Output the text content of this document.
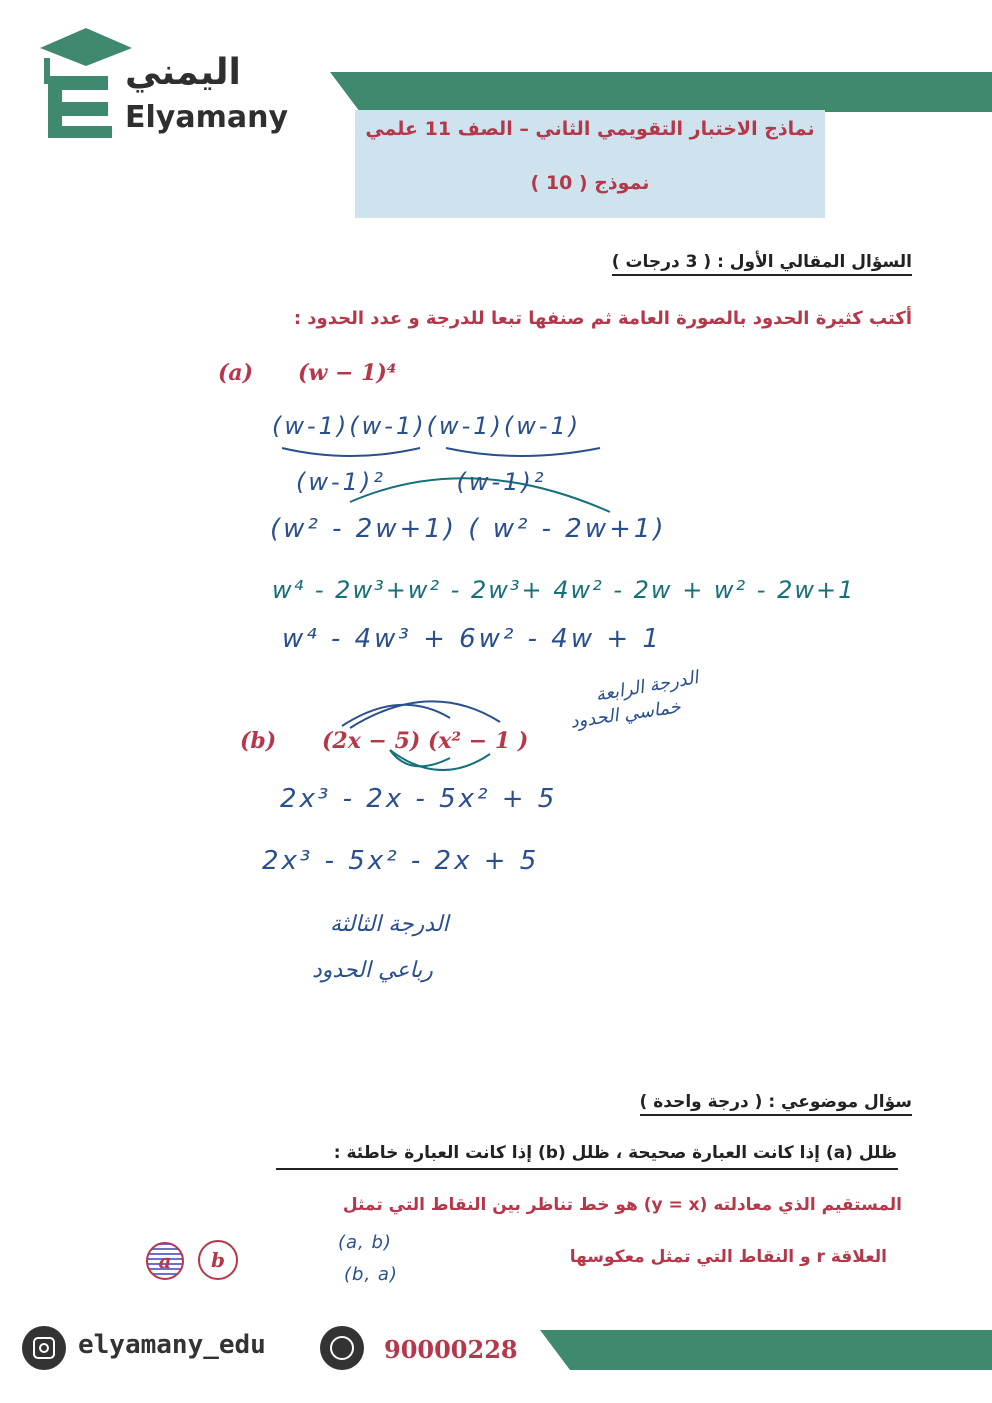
اليمني
Elyamany	نماذج الاختبار التقويمي الثاني – الصف 11 علمي
نموذج ( 10 )
السؤال المقالي الأول : ( 3 درجات )
أكتب كثيرة الحدود بالصورة العامة ثم صنفها تبعا للدرجة و عدد الحدود :
(a) (w − 1)⁴
(w-1)(w-1)(w-1)(w-1)
(w-1)² (w-1)²
(w² - 2w+1) ( w² - 2w+1)
w⁴ - 2w³+w² - 2w³+ 4w² - 2w + w² - 2w+1
w⁴ - 4w³ + 6w² - 4w + 1
الدرجة الرابعة
خماسي الحدود
(b) (2x − 5) (x² − 1 )
2x³ - 2x - 5x² + 5
2x³ - 5x² - 2x + 5
الدرجة الثالثة
رباعي الحدود
سؤال موضوعي : ( درجة واحدة )
ظلل (a) إذا كانت العبارة صحيحة ، ظلل (b) إذا كانت العبارة خاطئة :
المستقيم الذي معادلته (y = x) هو خط تناظر بين النقاط التي تمثل
العلاقة r و النقاط التي تمثل معكوسها
a b
(a, b)
(b, a)
elyamany_edu	90000228
